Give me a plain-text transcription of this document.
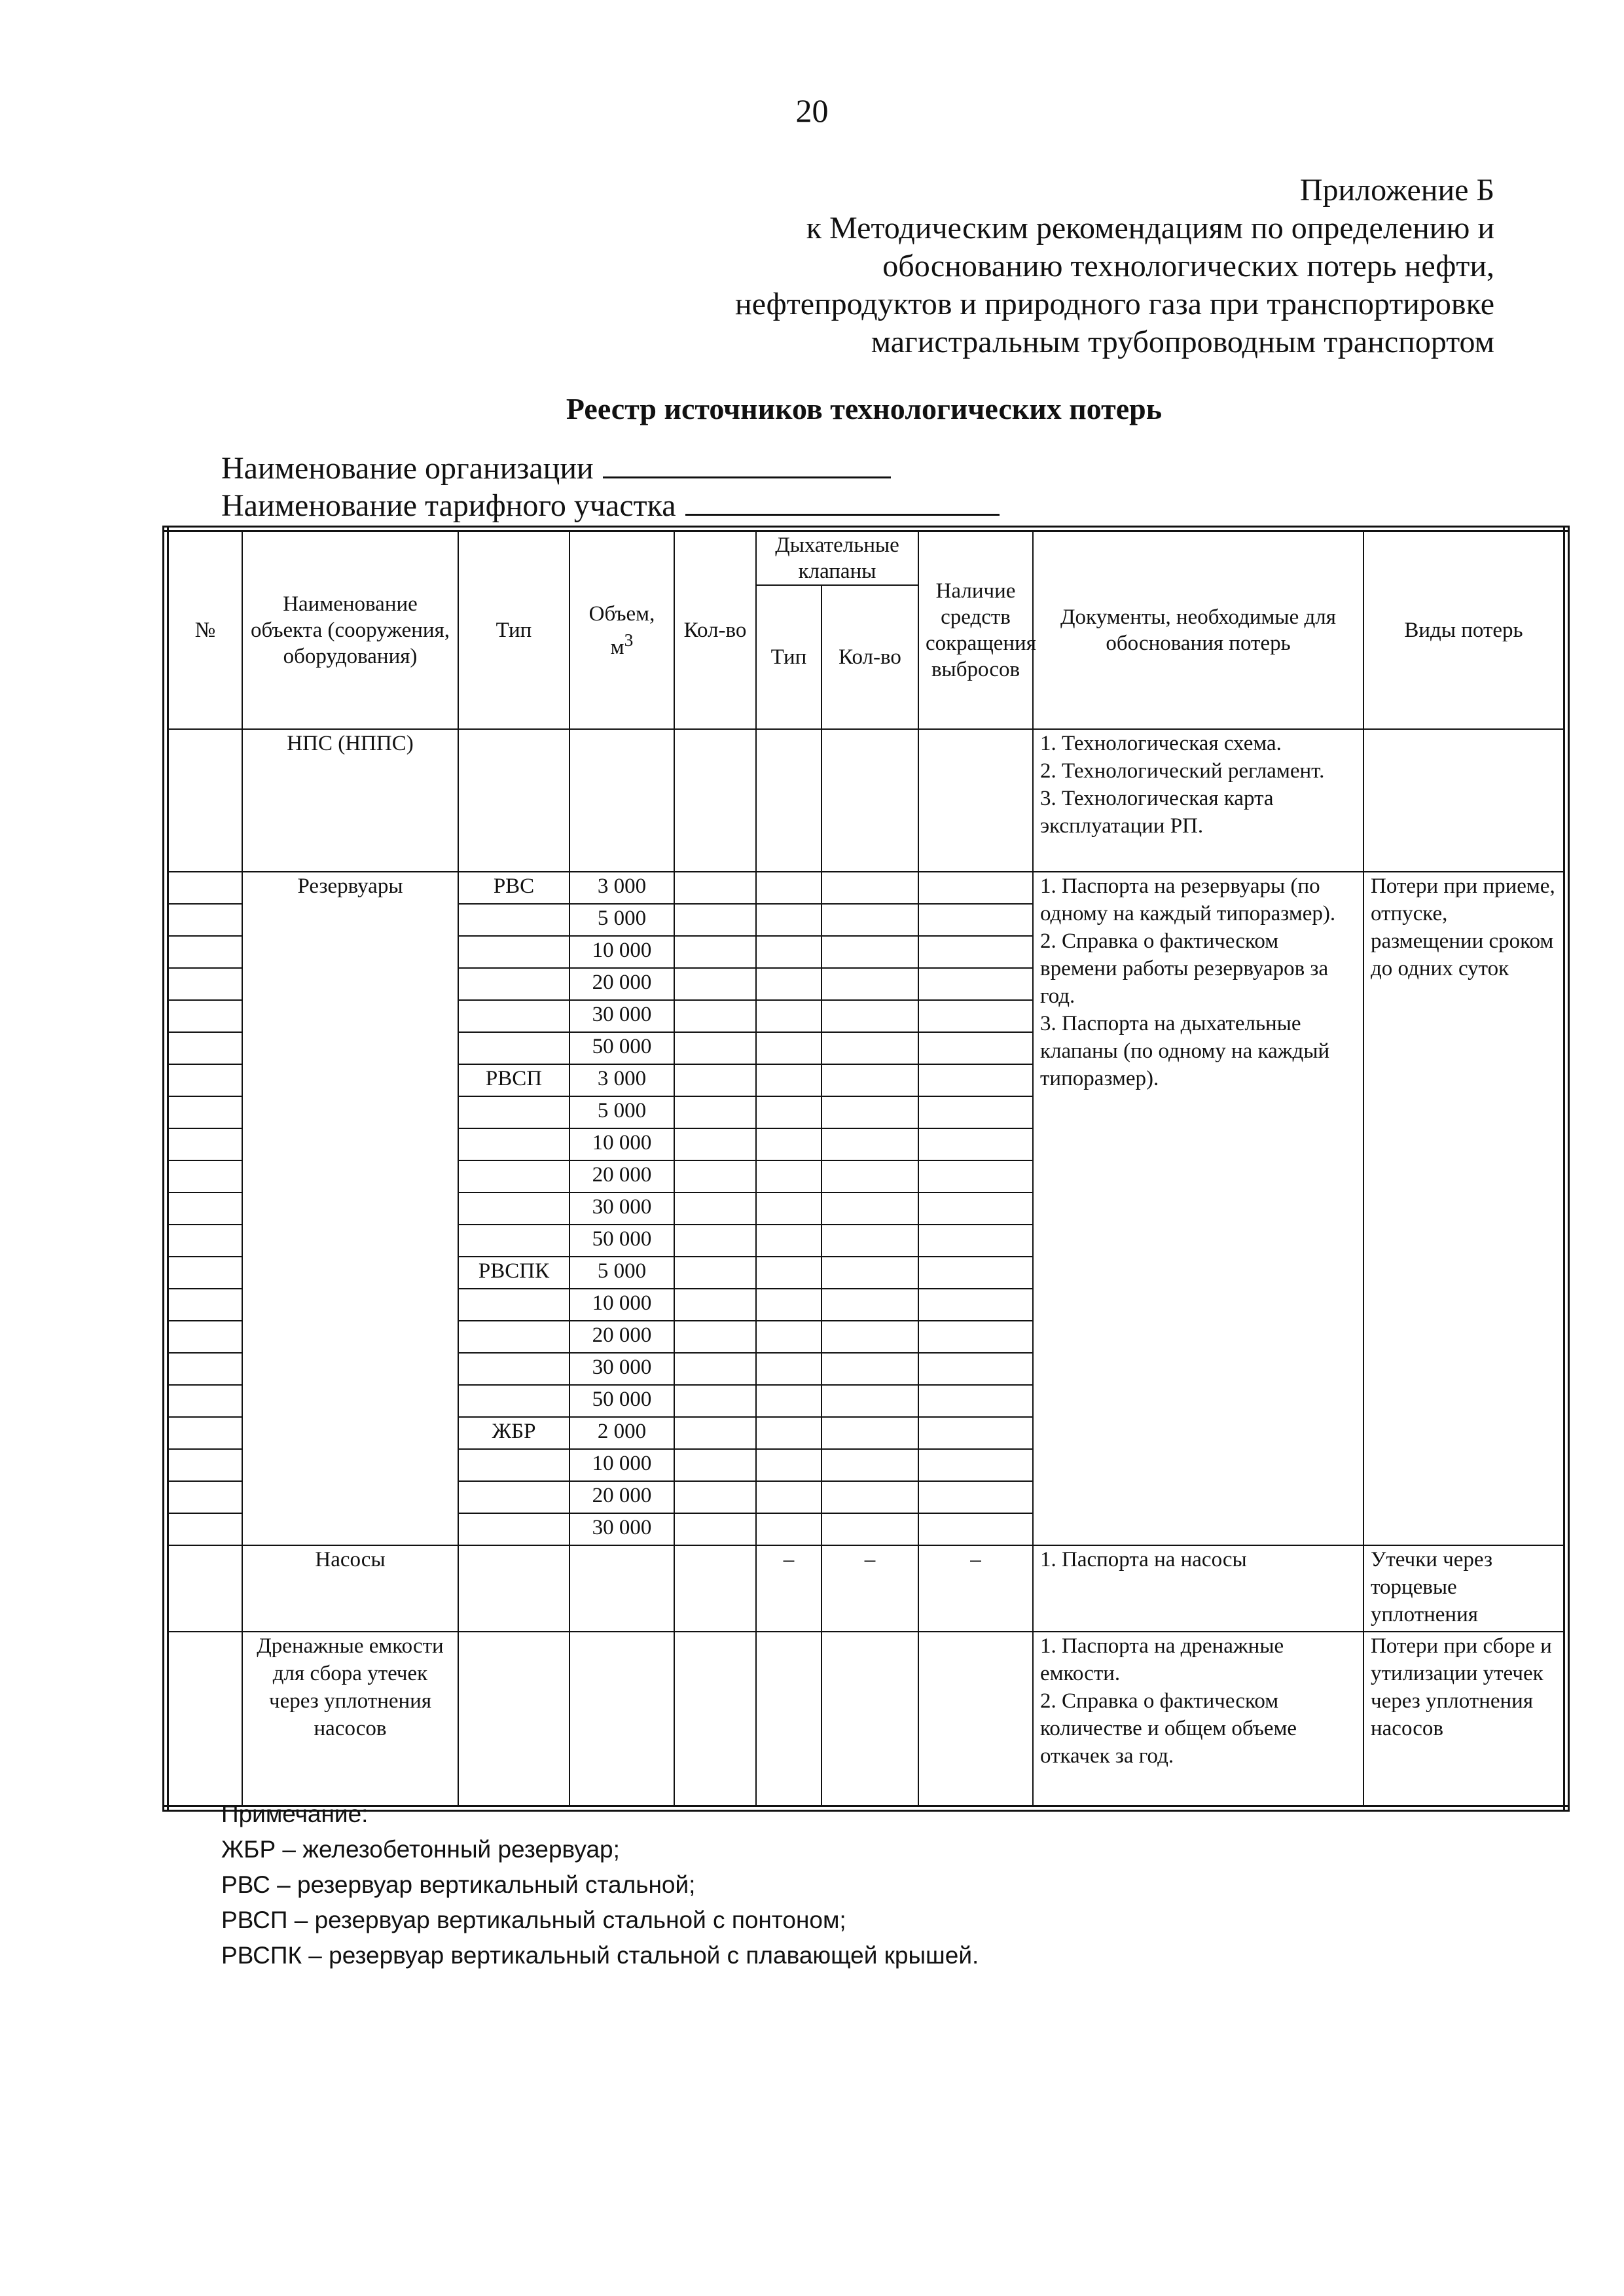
20
Приложение Б
к Методическим рекомендациям по определению и
обоснованию технологических потерь нефти,
нефтепродуктов и природного газа при транспортировке
магистральным трубопроводным транспортом
Реестр источников технологических потерь
Наименование организации
Наименование тарифного участка
№	Наименование объекта (сооружения, оборудования)	Тип	Объем, $м^3$	Кол-во	Дыхательные клапаны		Наличие средств сокращения выбросов	Документы, необходимые для обоснования потерь	Виды потерь
					Тип	Кол-во			
	НПС (НППС)							1. Технологическая схема.
2. Технологический регламент.
3. Технологическая карта эксплуатации РП.	

	Резервуары	РВС	3 000					1. Паспорта на резервуары (по одному на каждый типоразмер).
2. Справка о фактическом времени работы резервуаров за год.
3. Паспорта на дыхательные клапаны (по одному на каждый типоразмер).	Потери при приеме, отпуске, размещении сроком до одних суток
			5 000						
			10 000						
			20 000						
			30 000						
			50 000						
		РВСП	3 000						
			5 000						
			10 000						
			20 000						
			30 000						
			50 000						
		РВСПК	5 000						
			10 000						
			20 000						
			30 000						
			50 000						
		ЖБР	2 000						
			10 000						
			20 000						
			30 000						
	Насосы				–	–	–	1. Паспорта на насосы	Утечки через торцевые уплотнения
	Дренажные емкости для сбора утечек через уплотнения насосов							1. Паспорта на дренажные емкости.
2. Справка о фактическом количестве и общем объеме откачек за год.	Потери при сборе и утилизации утечек через уплотнения насосов
Примечание:
ЖБР – железобетонный резервуар;
РВС – резервуар вертикальный стальной;
РВСП – резервуар вертикальный стальной с понтоном;
РВСПК – резервуар вертикальный стальной с плавающей крышей.
